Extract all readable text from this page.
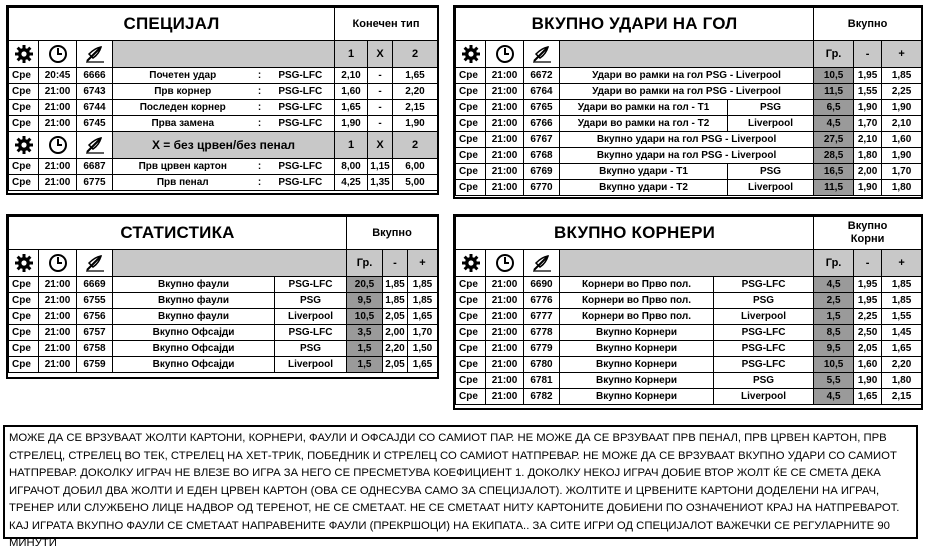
СПЕЦИЈАЛ						Конечен тип		

		1	X	2
Сре	20:45	6666	Почетен удар	:	PSG-LFC	2,10	-	1,65
Сре	21:00	6743	Прв корнер	:	PSG-LFC	1,60	-	2,20
Сре	21:00	6744	Последен корнер	:	PSG-LFC	1,65	-	2,15
Сре	21:00	6745	Прва замена	:	PSG-LFC	1,90	-	1,90

	X = без црвен/без пенал			1	X	2
Сре	21:00	6687	Прв црвен картон	:	PSG-LFC	8,00	1,15	6,00
Сре	21:00	6775	Прв пенал	:	PSG-LFC	4,25	1,35	5,00
ВКУПНО УДАРИ НА ГОЛ					Вкупно		

		Гр.	-	+
Сре	21:00	6672	Удари во рамки на гол PSG - Liverpool		10,5	1,95	1,85
Сре	21:00	6764	Удари во рамки на гол PSG - Liverpool		11,5	1,55	2,25
Сре	21:00	6765	Удари во рамки на гол - Т1	PSG	6,5	1,90	1,90
Сре	21:00	6766	Удари во рамки на гол - Т2	Liverpool	4,5	1,70	2,10
Сре	21:00	6767	Вкупно удари на гол PSG - Liverpool		27,5	2,10	1,60
Сре	21:00	6768	Вкупно удари на гол PSG - Liverpool		28,5	1,80	1,90
Сре	21:00	6769	Вкупно удари - Т1	PSG	16,5	2,00	1,70
Сре	21:00	6770	Вкупно удари - Т2	Liverpool	11,5	1,90	1,80
СТАТИСТИКА					Вкупно		

		Гр.	-	+
Сре	21:00	6669	Вкупно фаули	PSG-LFC	20,5	1,85	1,85
Сре	21:00	6755	Вкупно фаули	PSG	9,5	1,85	1,85
Сре	21:00	6756	Вкупно фаули	Liverpool	10,5	2,05	1,65
Сре	21:00	6757	Вкупно Офсајди	PSG-LFC	3,5	2,00	1,70
Сре	21:00	6758	Вкупно Офсајди	PSG	1,5	2,20	1,50
Сре	21:00	6759	Вкупно Офсајди	Liverpool	1,5	2,05	1,65
ВКУПНО КОРНЕРИ					Вкупно
Корни		

		Гр.	-	+
Сре	21:00	6690	Корнери во Прво пол.	PSG-LFC	4,5	1,95	1,85
Сре	21:00	6776	Корнери во Прво пол.	PSG	2,5	1,95	1,85
Сре	21:00	6777	Корнери во Прво пол.	Liverpool	1,5	2,25	1,55
Сре	21:00	6778	Вкупно Корнери	PSG-LFC	8,5	2,50	1,45
Сре	21:00	6779	Вкупно Корнери	PSG-LFC	9,5	2,05	1,65
Сре	21:00	6780	Вкупно Корнери	PSG-LFC	10,5	1,60	2,20
Сре	21:00	6781	Вкупно Корнери	PSG	5,5	1,90	1,80
Сре	21:00	6782	Вкупно Корнери	Liverpool	4,5	1,65	2,15
МОЖЕ ДА СЕ ВРЗУВААТ ЖОЛТИ КАРТОНИ, КОРНЕРИ, ФАУЛИ И ОФСАЈДИ СО САМИОТ ПАР. НЕ МОЖЕ ДА СЕ ВРЗУВААТ ПРВ ПЕНАЛ, ПРВ ЦРВЕН КАРТОН, ПРВ СТРЕЛЕЦ, СТРЕЛЕЦ ВО ТЕК, СТРЕЛЕЦ НА ХЕТ-ТРИК, ПОБЕДНИК И СТРЕЛЕЦ СО САМИОТ НАТПРЕВАР. НЕ МОЖЕ ДА СЕ ВРЗУВААТ ВКУПНО УДАРИ СО САМИОТ НАТПРЕВАР. ДОКОЛКУ ИГРАЧ НЕ ВЛЕЗЕ ВО ИГРА ЗА НЕГО СЕ ПРЕСМЕТУВА КОЕФИЦИЕНТ 1. ДОКОЛКУ НЕКОЈ ИГРАЧ ДОБИЕ ВТОР ЖОЛТ ЌЕ СЕ СМЕТА ДЕКА ИГРАЧОТ ДОБИЛ ДВА ЖОЛТИ И ЕДЕН ЦРВЕН КАРТОН (ОВА СЕ ОДНЕСУВА САМО ЗА СПЕЦИЈАЛОТ). ЖОЛТИТЕ И ЦРВЕНИТЕ КАРТОНИ ДОДЕЛЕНИ НА ИГРАЧ, ТРЕНЕР ИЛИ СЛУЖБЕНО ЛИЦЕ НАДВОР ОД ТЕРЕНОТ, НЕ СЕ СМЕТААТ. НЕ СЕ СМЕТААТ НИТУ КАРТОНИТЕ ДОБИЕНИ ПО ОЗНАЧЕНИОТ КРАЈ НА НАТПРЕВАРОТ. КАЈ ИГРАТА ВКУПНО ФАУЛИ СЕ СМЕТААТ НАПРАВЕНИТЕ ФАУЛИ (ПРЕКРШОЦИ) НА ЕКИПАТА.. ЗА СИТЕ ИГРИ ОД СПЕЦИЈАЛОТ ВАЖЕЧКИ СЕ РЕГУЛАРНИТЕ 90 МИНУТИ
